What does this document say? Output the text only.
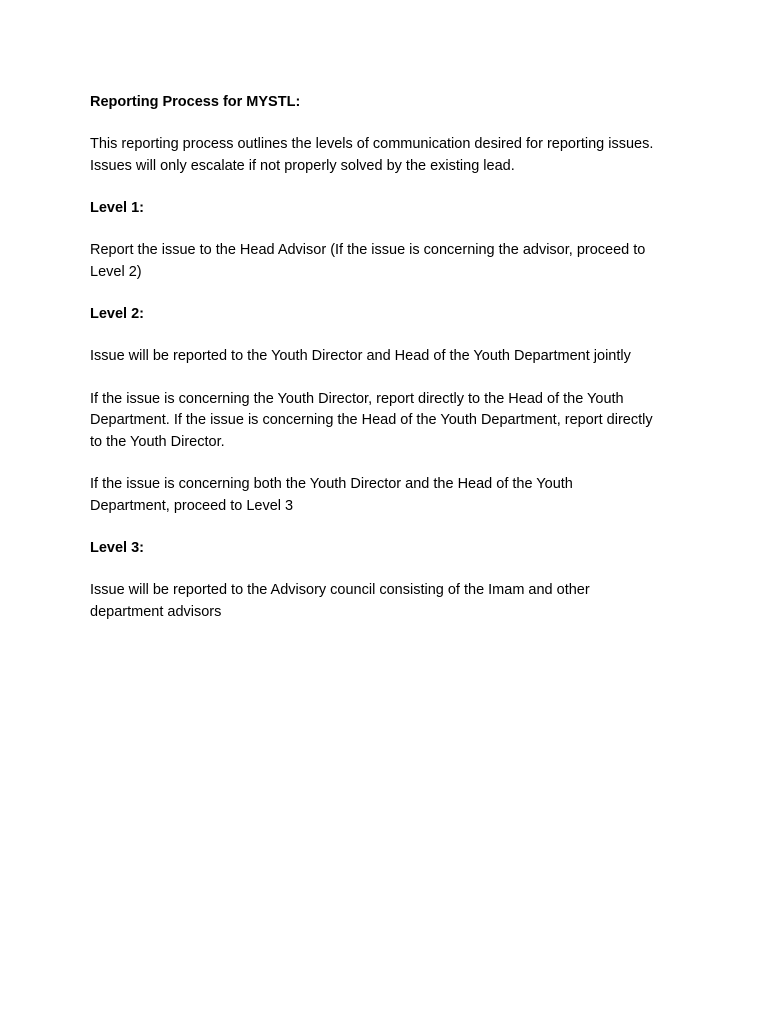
Reporting Process for MYSTL:
This reporting process outlines the levels of communication desired for reporting issues.
Issues will only escalate if not properly solved by the existing lead.
Level 1:
Report the issue to the Head Advisor (If the issue is concerning the advisor, proceed to
Level 2)
Level 2:
Issue will be reported to the Youth Director and Head of the Youth Department jointly
If the issue is concerning the Youth Director, report directly to the Head of the Youth
Department. If the issue is concerning the Head of the Youth Department, report directly
to the Youth Director.
If the issue is concerning both the Youth Director and the Head of the Youth
Department, proceed to Level 3
Level 3:
Issue will be reported to the Advisory council consisting of the Imam and other
department advisors
